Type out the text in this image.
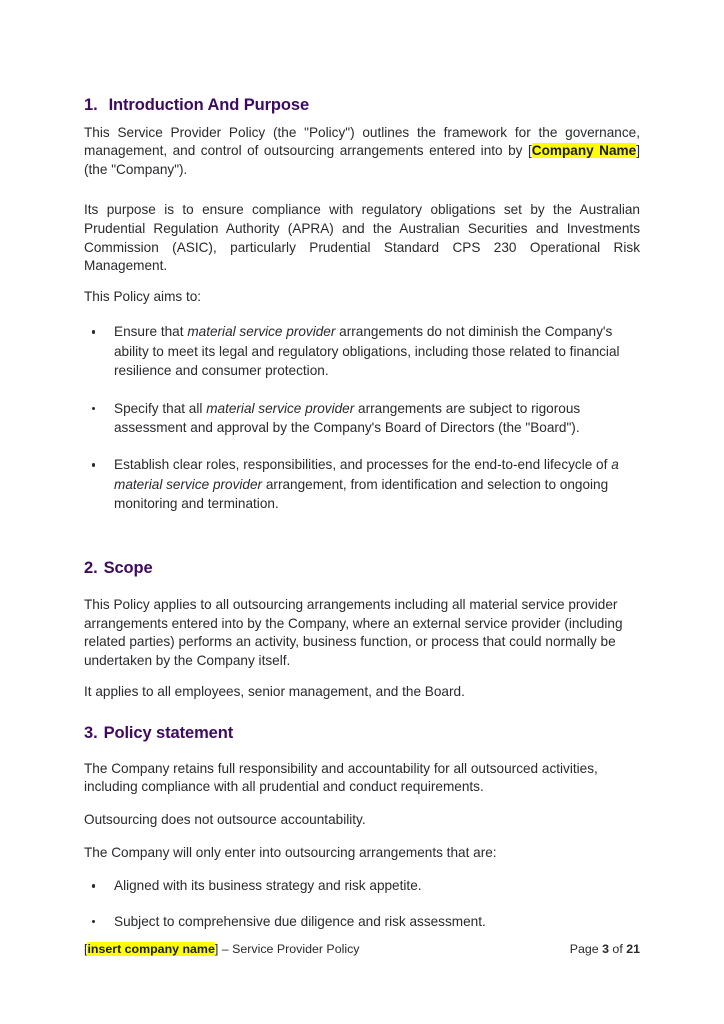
1. Introduction And Purpose

This Service Provider Policy (the "Policy") outlines the framework for the governance, management, and control of outsourcing arrangements entered into by [Company Name] (the "Company").

Its purpose is to ensure compliance with regulatory obligations set by the Australian Prudential Regulation Authority (APRA) and the Australian Securities and Investments Commission (ASIC), particularly Prudential Standard CPS 230 Operational Risk Management.

This Policy aims to:

Ensure that material service provider arrangements do not diminish the Company's ability to meet its legal and regulatory obligations, including those related to financial resilience and consumer protection.
Specify that all material service provider arrangements are subject to rigorous assessment and approval by the Company's Board of Directors (the "Board").
Establish clear roles, responsibilities, and processes for the end-to-end lifecycle of a material service provider arrangement, from identification and selection to ongoing monitoring and termination.
2. Scope

This Policy applies to all outsourcing arrangements including all material service provider arrangements entered into by the Company, where an external service provider (including related parties) performs an activity, business function, or process that could normally be undertaken by the Company itself.

It applies to all employees, senior management, and the Board.

3. Policy statement

The Company retains full responsibility and accountability for all outsourced activities, including compliance with all prudential and conduct requirements.

Outsourcing does not outsource accountability.

The Company will only enter into outsourcing arrangements that are:

Aligned with its business strategy and risk appetite.
Subject to comprehensive due diligence and risk assessment.
[insert company name] – Service Provider Policy	Page 3 of 21
